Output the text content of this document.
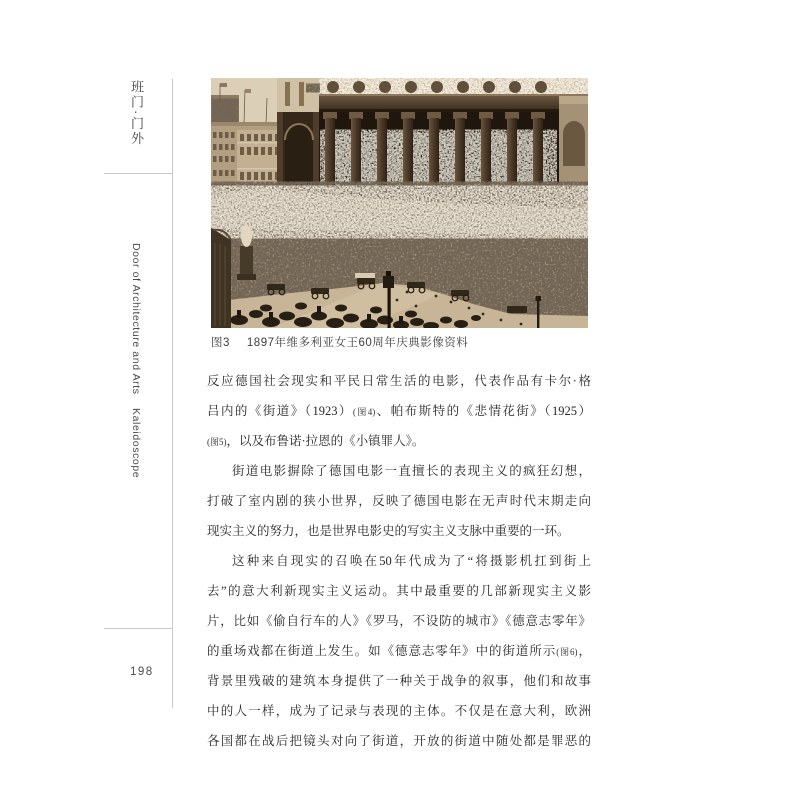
班门·门外
Door of Architecture and Arts
Kaleidoscope
198
图3 1897年维多利亚女王60周年庆典影像资料
反应德国社会现实和平民日常生活的电影，代表作品有卡尔·格
吕内的《街道》（1923）(图4)、帕布斯特的《悲情花街》（1925）
(图5)，以及布鲁诺·拉恩的《小镇罪人》。
街道电影摒除了德国电影一直擅长的表现主义的疯狂幻想，
打破了室内剧的狭小世界，反映了德国电影在无声时代末期走向
现实主义的努力，也是世界电影史的写实主义支脉中重要的一环。
这种来自现实的召唤在50年代成为了“将摄影机扛到街上
去”的意大利新现实主义运动。其中最重要的几部新现实主义影
片，比如《偷自行车的人》《罗马，不设防的城市》《德意志零年》
的重场戏都在街道上发生。如《德意志零年》中的街道所示(图6)，
背景里残破的建筑本身提供了一种关于战争的叙事，他们和故事
中的人一样，成为了记录与表现的主体。不仅是在意大利，欧洲
各国都在战后把镜头对向了街道，开放的街道中随处都是罪恶的
